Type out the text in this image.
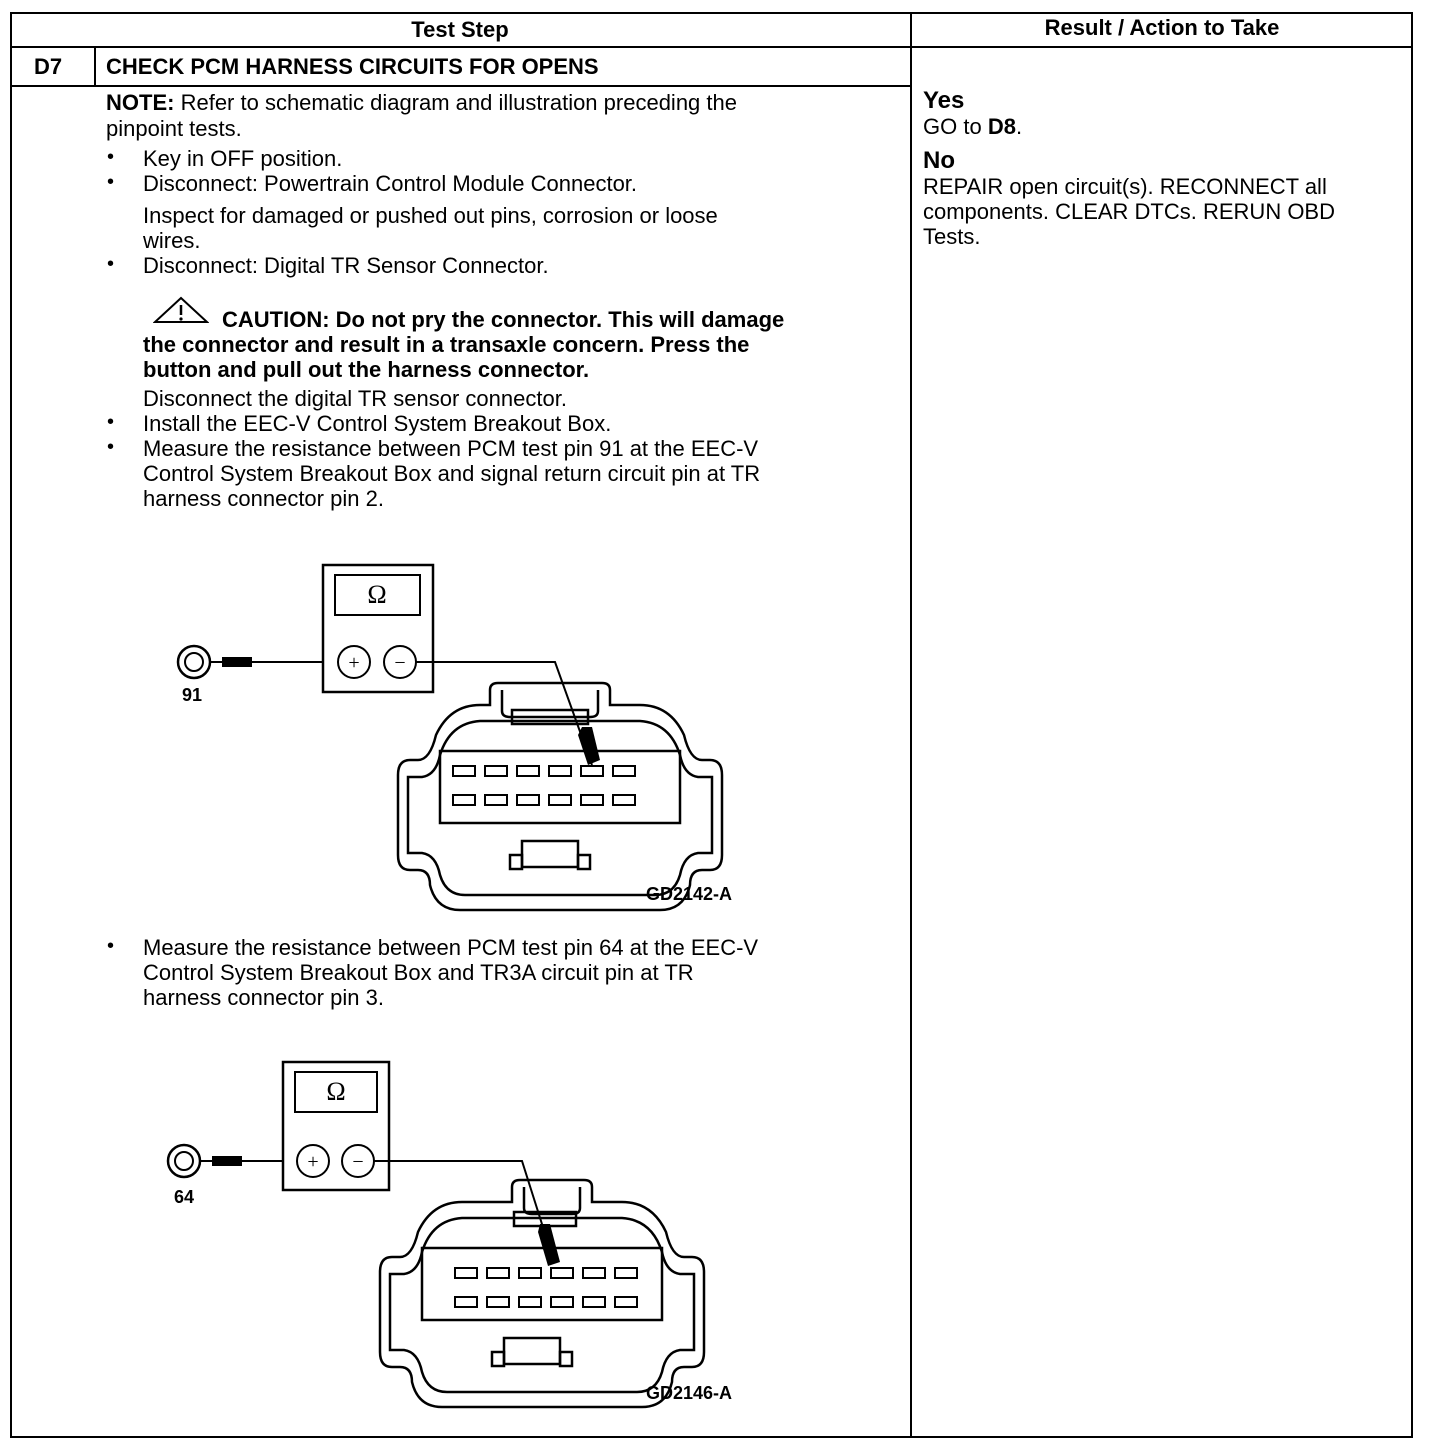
Test Step	Result / Action to Take
D7 CHECK PCM HARNESS CIRCUITS FOR OPENS
NOTE: Refer to schematic diagram and illustration preceding the
pinpoint tests.
• Key in OFF position.
• Disconnect: Powertrain Control Module Connector.
Inspect for damaged or pushed out pins, corrosion or loose
wires.
• Disconnect: Digital TR Sensor Connector.
CAUTION: Do not pry the connector. This will damage
the connector and result in a transaxle concern. Press the
button and pull out the harness connector.
Disconnect the digital TR sensor connector.
• Install the EEC-V Control System Breakout Box.
• Measure the resistance between PCM test pin 91 at the EEC-V
Control System Breakout Box and signal return circuit pin at TR
harness connector pin 2.
91
Ω
+ −
GD2142-A
• Measure the resistance between PCM test pin 64 at the EEC-V
Control System Breakout Box and TR3A circuit pin at TR
harness connector pin 3.
64
Ω
+ −
GD2146-A
Yes
GO to D8.
No
REPAIR open circuit(s). RECONNECT all
components. CLEAR DTCs. RERUN OBD
Tests.
